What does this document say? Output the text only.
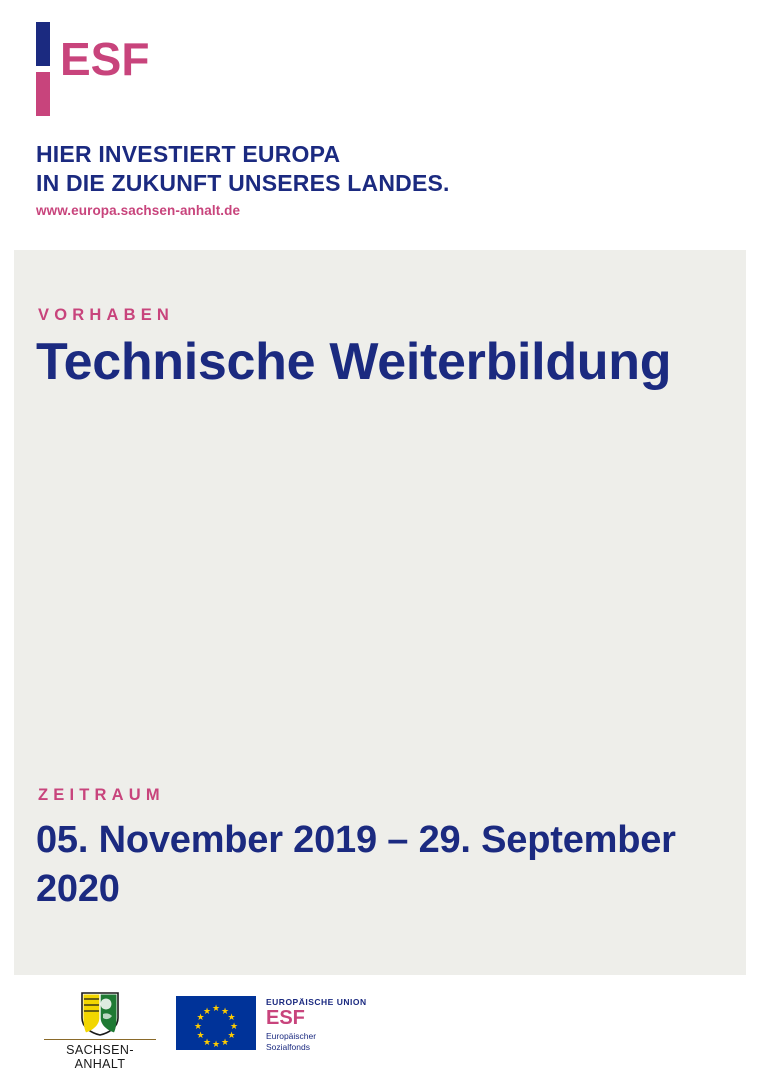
ESF
HIER INVESTIERT EUROPA
IN DIE ZUKUNFT UNSERES LANDES.
www.europa.sachsen-anhalt.de
VORHABEN
Technische Weiterbildung
ZEITRAUM
05. November 2019 – 29. September 2020
SACHSEN-ANHALT
★ ★
★
★
★
★
★
★
★
★
★
★
EUROPÄISCHE UNION
ESF
Europäischer
Sozialfonds
